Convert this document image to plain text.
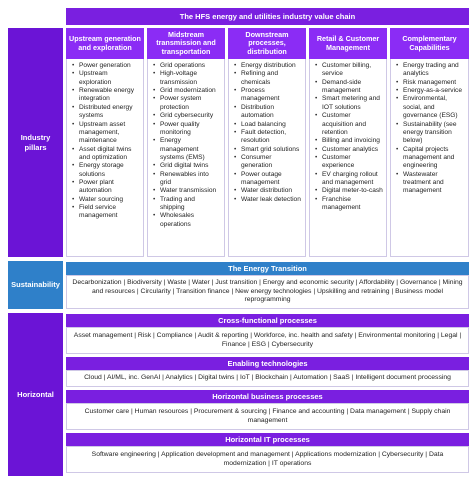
The HFS energy and utilities industry value chain
Industry pillars
Sustainability
Horizontal
Upstream generation and exploration
• Power generation
• Upstream exploration
• Renewable energy integration
• Distributed energy systems
• Upstream asset management, maintenance
• Asset digital twins and optimization
• Energy storage solutions
• Power plant automation
• Water sourcing
• Field service management
Midstream transmission and transportation
• Grid operations
• High-voltage transmission
• Grid modernization
• Power system protection
• Grid cybersecurity
• Power quality monitoring
• Energy management systems (EMS)
• Grid digital twins
• Renewables into grid
• Water transmission
• Trading and shipping
• Wholesales operations
Downstream processes, distribution
• Energy distribution
• Refining and chemicals
• Process management
• Distribution automation
• Load balancing
• Fault detection, resolution
• Smart grid solutions
• Consumer generation
• Power outage management
• Water distribution
• Water leak detection
Retail & Customer Management
• Customer billing, service
• Demand-side management
• Smart metering and IOT solutions
• Customer acquisition and retention
• Billing and invoicing
• Customer analytics
• Customer experience
• EV charging rollout and management
• Digital meter-to-cash
• Franchise management
Complementary Capabilities
• Energy trading and analytics
• Risk management
• Energy-as-a-service
• Environmental, social, and governance (ESG)
• Sustainability (see energy transition below)
• Capital projects management and engineering
• Wastewater treatment and management
The Energy Transition
Decarbonization | Biodiversity | Waste | Water | Just transition | Energy and economic security | Affordability | Governance | Mining and resources | Circularity | Transition finance | New energy technologies | Upskilling and retraining | Business model reprogramming
Cross-functional processes
Asset management | Risk | Compliance | Audit & reporting | Workforce, inc. health and safety | Environmental monitoring | Legal | Finance | ESG | Cybersecurity
Enabling technologies
Cloud | AI/ML, inc. GenAI | Analytics | Digital twins | IoT | Blockchain | Automation | SaaS | Intelligent document processing
Horizontal business processes
Customer care | Human resources | Procurement & sourcing | Finance and accounting | Data management | Supply chain management
Horizontal IT processes
Software engineering | Application development and management | Applications modernization | Cybersecurity | Data modernization | IT operations
